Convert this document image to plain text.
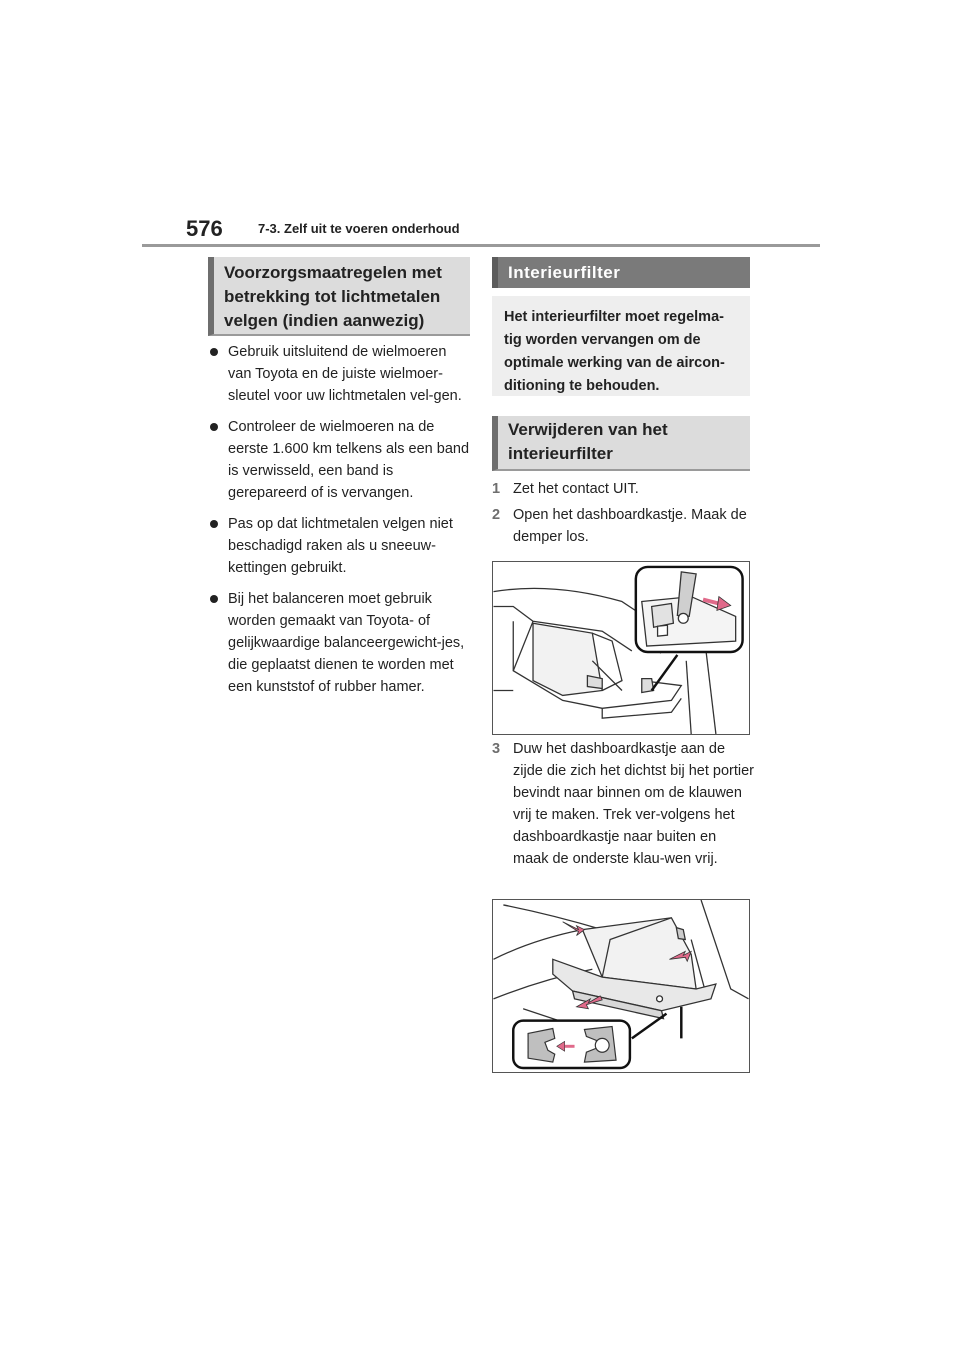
576	7-3. Zelf uit te voeren onderhoud
Voorzorgsmaatregelen met betrekking tot lichtmetalen velgen (indien aanwezig)
Gebruik uitsluitend de wielmoeren van Toyota en de juiste wielmoer-sleutel voor uw lichtmetalen vel-gen.
Controleer de wielmoeren na de eerste 1.600 km telkens als een band is verwisseld, een band is gerepareerd of is vervangen.
Pas op dat lichtmetalen velgen niet beschadigd raken als u sneeuw-kettingen gebruikt.
Bij het balanceren moet gebruik worden gemaakt van Toyota- of gelijkwaardige balanceergewicht-jes, die geplaatst dienen te worden met een kunststof of rubber hamer.
Interieurfilter
Het interieurfilter moet regelma-tig worden vervangen om de optimale werking van de aircon-ditioning te behouden.
Verwijderen van het interieurfilter
1 Zet het contact UIT.
2 Open het dashboardkastje. Maak de demper los.
3 Duw het dashboardkastje aan de zijde die zich het dichtst bij het portier bevindt naar binnen om de klauwen vrij te maken. Trek ver-volgens het dashboardkastje naar buiten en maak de onderste klau-wen vrij.
